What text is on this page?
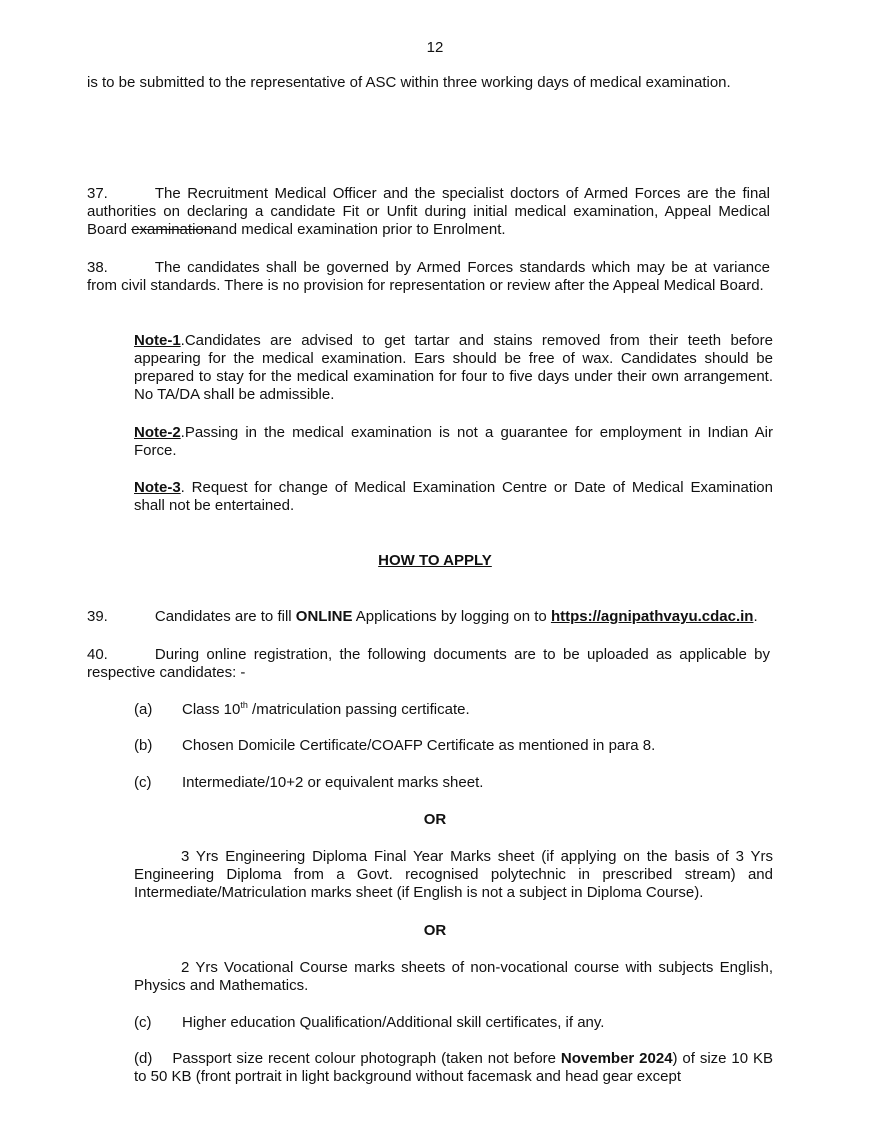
12
is to be submitted to the representative of ASC within three working days of medical examination.
37.	The Recruitment Medical Officer and the specialist doctors of Armed Forces are the final authorities on declaring a candidate Fit or Unfit during initial medical examination, Appeal Medical Board examinationand medical examination prior to Enrolment.
38.	The candidates shall be governed by Armed Forces standards which may be at variance from civil standards. There is no provision for representation or review after the Appeal Medical Board.
Note-1.Candidates are advised to get tartar and stains removed from their teeth before appearing for the medical examination. Ears should be free of wax. Candidates should be prepared to stay for the medical examination for four to five days under their own arrangement. No TA/DA shall be admissible.
Note-2.Passing in the medical examination is not a guarantee for employment in Indian Air Force.
Note-3. Request for change of Medical Examination Centre or Date of Medical Examination shall not be entertained.
HOW TO APPLY
39.	Candidates are to fill ONLINE Applications by logging on to https://agnipathvayu.cdac.in.
40.	During online registration, the following documents are to be uploaded as applicable by respective candidates: -
(a) Class 10th /matriculation passing certificate.
(b) Chosen Domicile Certificate/COAFP Certificate as mentioned in para 8.
(c) Intermediate/10+2 or equivalent marks sheet.
OR
3 Yrs Engineering Diploma Final Year Marks sheet (if applying on the basis of 3 Yrs Engineering Diploma from a Govt. recognised polytechnic in prescribed stream) and Intermediate/Matriculation marks sheet (if English is not a subject in Diploma Course).
OR
2 Yrs Vocational Course marks sheets of non-vocational course with subjects English, Physics and Mathematics.
(c) Higher education Qualification/Additional skill certificates, if any.
(d) Passport size recent colour photograph (taken not before November 2024) of size 10 KB to 50 KB (front portrait in light background without facemask and head gear except
